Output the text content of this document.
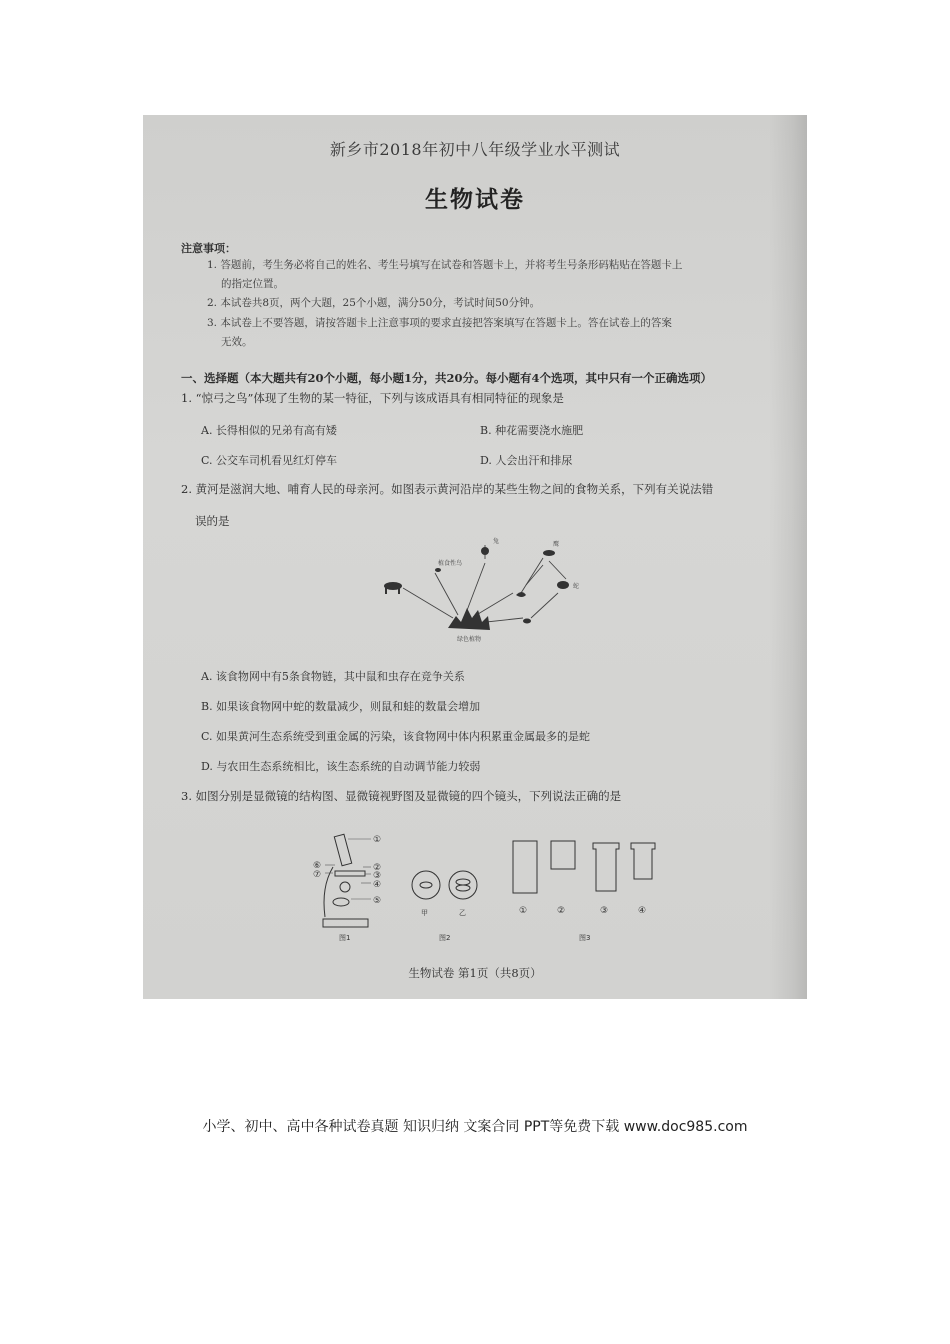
新乡市2018年初中八年级学业水平测试
生物试卷
注意事项：
1. 答题前，考生务必将自己的姓名、考生号填写在试卷和答题卡上，并将考生号条形码粘贴在答题卡上
的指定位置。
2. 本试卷共8页，两个大题，25个小题，满分50分，考试时间50分钟。
3. 本试卷上不要答题，请按答题卡上注意事项的要求直接把答案填写在答题卡上。答在试卷上的答案
无效。
一、选择题（本大题共有20个小题，每小题1分，共20分。每小题有4个选项，其中只有一个正确选项）
1. “惊弓之鸟”体现了生物的某一特征，下列与该成语具有相同特征的现象是
A. 长得相似的兄弟有高有矮	B. 种花需要浇水施肥
C. 公交车司机看见红灯停车	D. 人会出汗和排尿
2. 黄河是滋润大地、哺育人民的母亲河。如图表示黄河沿岸的某些生物之间的食物关系，下列有关说法错
误的是
植食性鸟
兔	鹰
蛇
绿色植物
A. 该食物网中有5条食物链，其中鼠和虫存在竞争关系
B. 如果该食物网中蛇的数量减少，则鼠和蛙的数量会增加
C. 如果黄河生态系统受到重金属的污染，该食物网中体内积累重金属最多的是蛇
D. 与农田生态系统相比，该生态系统的自动调节能力较弱
3. 如图分别是显微镜的结构图、显微镜视野图及显微镜的四个镜头，下列说法正确的是
①
②
③
④
⑤
⑥
⑦
甲	乙	①	②	③	④
图1	图2	图3
生物试卷 第1页（共8页）
小学、初中、高中各种试卷真题 知识归纳 文案合同 PPT等免费下载 www.doc985.com
